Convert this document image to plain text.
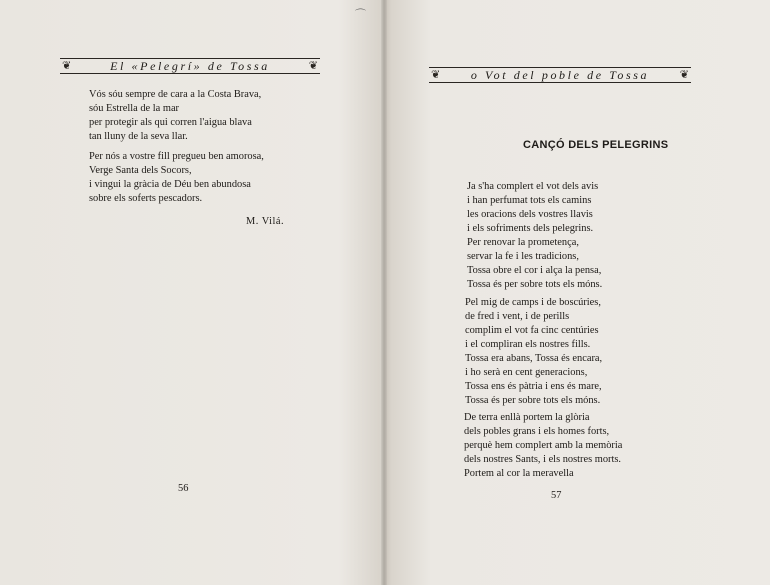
❦	El «Pelegrí» de Tossa	❦
Vós sóu sempre de cara a la Costa Brava,
sóu Estrella de la mar
per protegir als qui corren l'aigua blava
tan lluny de la seva llar.
Per nós a vostre fill pregueu ben amorosa,
Verge Santa dels Socors,
i vingui la gràcia de Déu ben abundosa
sobre els soferts pescadors.
M. Vilá.
56
⌒
❦	o Vot del poble de Tossa	❦
CANÇÓ DELS PELEGRINS
Ja s'ha complert el vot dels avis
i han perfumat tots els camins
les oracions dels vostres llavis
i els sofriments dels pelegrins.
Per renovar la prometença,
servar la fe i les tradicions,
Tossa obre el cor i alça la pensa,
Tossa és per sobre tots els móns.
Pel mig de camps i de boscúries,
de fred i vent, i de perills
complim el vot fa cinc centúries
i el compliran els nostres fills.
Tossa era abans, Tossa és encara,
i ho serà en cent generacions,
Tossa ens és pàtria i ens és mare,
Tossa és per sobre tots els móns.
De terra enllà portem la glòria
dels pobles grans i els homes forts,
perquè hem complert amb la memòria
dels nostres Sants, i els nostres morts.
Portem al cor la meravella
57
